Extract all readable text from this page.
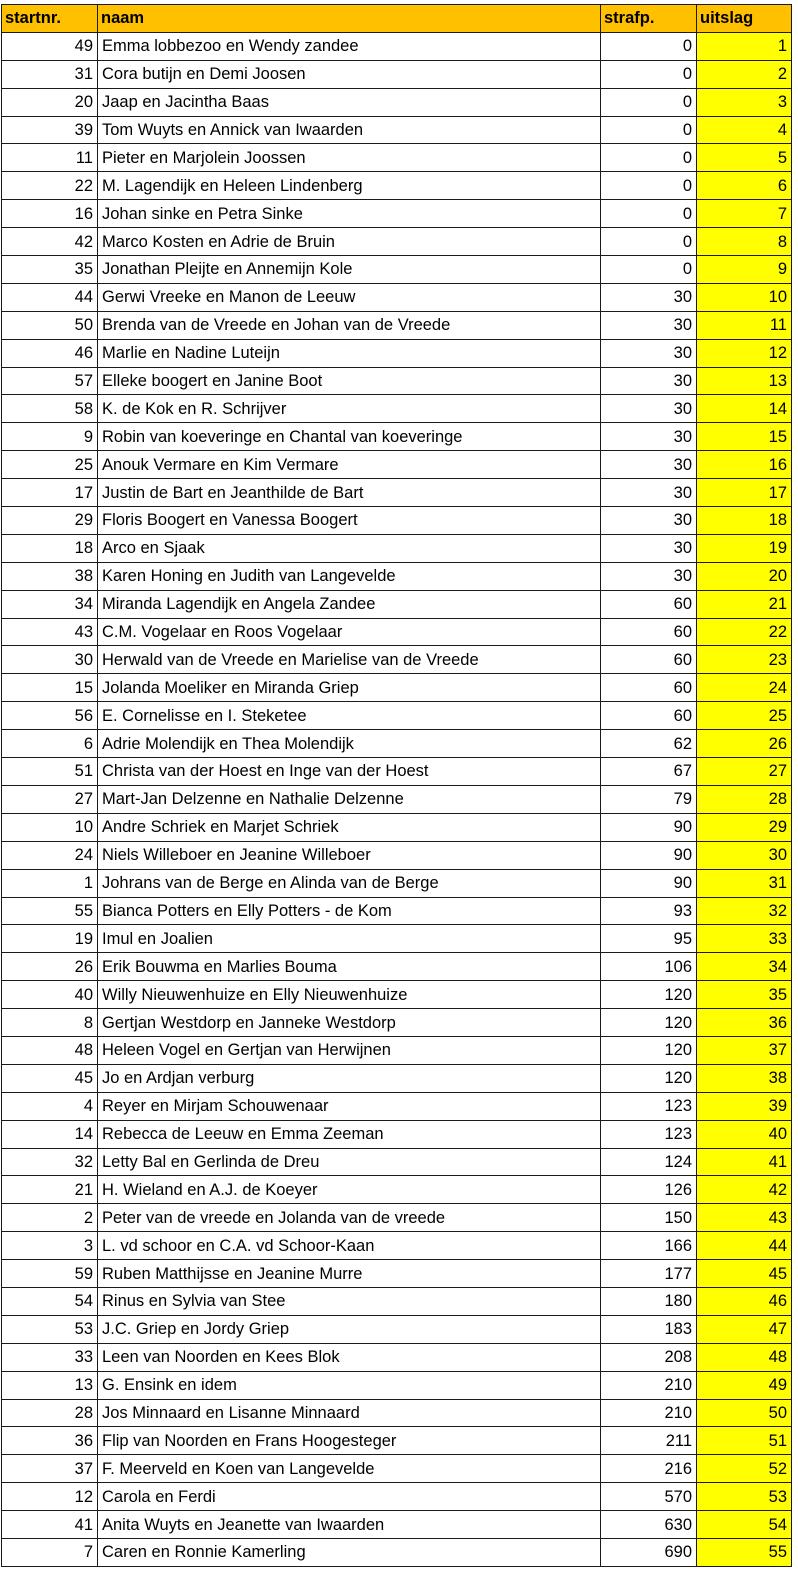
startnr.	naam	strafp.	uitslag
49	Emma lobbezoo en Wendy zandee	0	1
31	Cora butijn en Demi Joosen	0	2
20	Jaap en Jacintha Baas	0	3
39	Tom Wuyts en Annick van Iwaarden	0	4
11	Pieter en Marjolein Joossen	0	5
22	M. Lagendijk en Heleen Lindenberg	0	6
16	Johan sinke en Petra Sinke	0	7
42	Marco Kosten en Adrie de Bruin	0	8
35	Jonathan Pleijte en Annemijn Kole	0	9
44	Gerwi Vreeke en Manon de Leeuw	30	10
50	Brenda van de Vreede en Johan van de Vreede	30	11
46	Marlie en Nadine Luteijn	30	12
57	Elleke boogert en Janine Boot	30	13
58	K. de Kok en R. Schrijver	30	14
9	Robin van koeveringe en Chantal van koeveringe	30	15
25	Anouk Vermare en Kim Vermare	30	16
17	Justin de Bart en Jeanthilde de Bart	30	17
29	Floris Boogert en Vanessa Boogert	30	18
18	Arco en Sjaak	30	19
38	Karen Honing en Judith van Langevelde	30	20
34	Miranda Lagendijk en Angela Zandee	60	21
43	C.M. Vogelaar en Roos Vogelaar	60	22
30	Herwald van de Vreede en Marielise van de Vreede	60	23
15	Jolanda Moeliker en Miranda Griep	60	24
56	E. Cornelisse en I. Steketee	60	25
6	Adrie Molendijk en Thea Molendijk	62	26
51	Christa van der Hoest en Inge van der Hoest	67	27
27	Mart-Jan Delzenne en Nathalie Delzenne	79	28
10	Andre Schriek en Marjet Schriek	90	29
24	Niels Willeboer en Jeanine Willeboer	90	30
1	Johrans van de Berge en Alinda van de Berge	90	31
55	Bianca Potters en Elly Potters - de Kom	93	32
19	Imul en Joalien	95	33
26	Erik Bouwma en Marlies Bouma	106	34
40	Willy Nieuwenhuize en Elly Nieuwenhuize	120	35
8	Gertjan Westdorp en Janneke Westdorp	120	36
48	Heleen Vogel en Gertjan van Herwijnen	120	37
45	Jo en Ardjan verburg	120	38
4	Reyer en Mirjam Schouwenaar	123	39
14	Rebecca de Leeuw en Emma Zeeman	123	40
32	Letty Bal en Gerlinda de Dreu	124	41
21	H. Wieland en A.J. de Koeyer	126	42
2	Peter van de vreede en Jolanda van de vreede	150	43
3	L. vd schoor en C.A. vd Schoor-Kaan	166	44
59	Ruben Matthijsse en Jeanine Murre	177	45
54	Rinus en Sylvia van Stee	180	46
53	J.C. Griep en Jordy Griep	183	47
33	Leen van Noorden en Kees Blok	208	48
13	G. Ensink en idem	210	49
28	Jos Minnaard en Lisanne Minnaard	210	50
36	Flip van Noorden en Frans Hoogesteger	211	51
37	F. Meerveld en Koen van Langevelde	216	52
12	Carola en Ferdi	570	53
41	Anita Wuyts en Jeanette van Iwaarden	630	54
7	Caren en Ronnie Kamerling	690	55
